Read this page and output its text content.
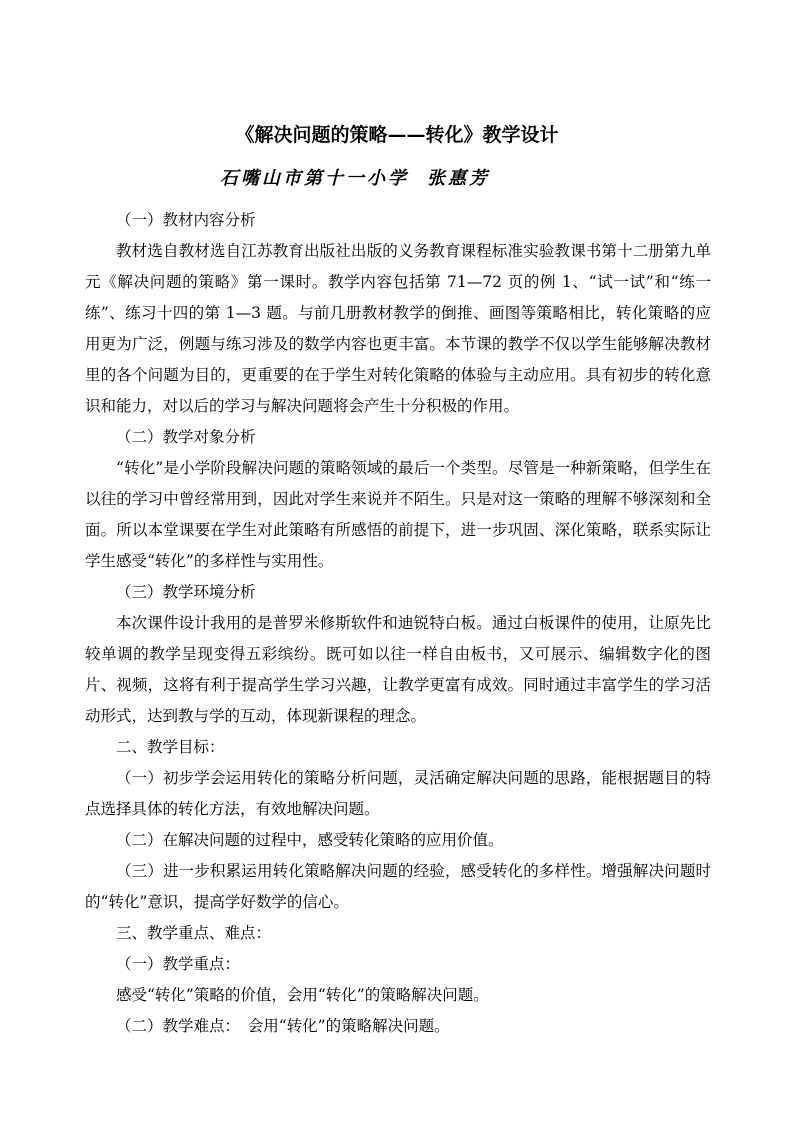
《解决问题的策略——转化》教学设计
石嘴山市第十一小学 张惠芳

（一）教材内容分析

教材选自教材选自江苏教育出版社出版的义务教育课程标准实验教课书第十二册第九单元《解决问题的策略》第一课时。教学内容包括第 71—72 页的例 1、“试一试”和“练一练”、练习十四的第 1—3 题。与前几册教材教学的倒推、画图等策略相比，转化策略的应用更为广泛，例题与练习涉及的数学内容也更丰富。本节课的教学不仅以学生能够解决教材里的各个问题为目的，更重要的在于学生对转化策略的体验与主动应用。具有初步的转化意识和能力，对以后的学习与解决问题将会产生十分积极的作用。

（二）教学对象分析

“转化”是小学阶段解决问题的策略领域的最后一个类型。尽管是一种新策略，但学生在以往的学习中曾经常用到，因此对学生来说并不陌生。只是对这一策略的理解不够深刻和全面。所以本堂课要在学生对此策略有所感悟的前提下，进一步巩固、深化策略，联系实际让学生感受“转化”的多样性与实用性。

（三）教学环境分析

本次课件设计我用的是普罗米修斯软件和迪锐特白板。通过白板课件的使用，让原先比较单调的教学呈现变得五彩缤纷。既可如以往一样自由板书，又可展示、编辑数字化的图片、视频，这将有利于提高学生学习兴趣，让教学更富有成效。同时通过丰富学生的学习活动形式，达到教与学的互动，体现新课程的理念。

二、教学目标：

（一）初步学会运用转化的策略分析问题，灵活确定解决问题的思路，能根据题目的特点选择具体的转化方法，有效地解决问题。

（二）在解决问题的过程中，感受转化策略的应用价值。

（三）进一步积累运用转化策略解决问题的经验，感受转化的多样性。增强解决问题时的“转化”意识，提高学好数学的信心。

三、教学重点、难点：

（一）教学重点：

感受“转化”策略的价值，会用“转化”的策略解决问题。

（二）教学难点：　会用“转化”的策略解决问题。
